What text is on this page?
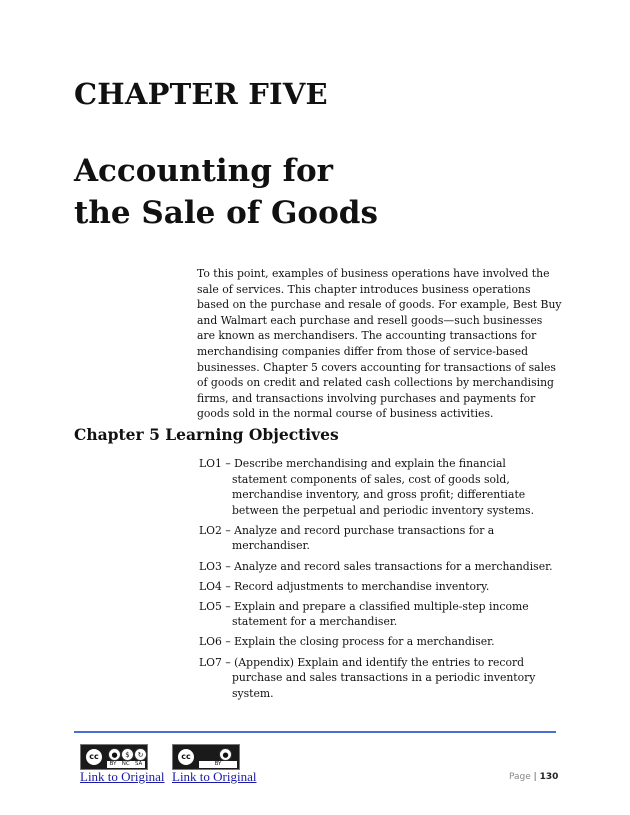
CHAPTER FIVE
Accounting for
the Sale of Goods

To this point, examples of business operations have involved the sale of services. This chapter introduces business operations based on the purchase and resale of goods. For example, Best Buy and Walmart each purchase and resell goods—such businesses are known as merchandisers. The accounting transactions for merchandising companies differ from those of service-based businesses. Chapter 5 covers accounting for transactions of sales of goods on credit and related cash collections by merchandising firms, and transactions involving purchases and payments for goods sold in the normal course of business activities.

Chapter 5 Learning Objectives
LO1 – Describe merchandising and explain the financial statement components of sales, cost of goods sold, merchandise inventory, and gross profit; differentiate between the perpetual and periodic inventory systems.
LO2 – Analyze and record purchase transactions for a merchandiser.
LO3 – Analyze and record sales transactions for a merchandiser.
LO4 – Record adjustments to merchandise inventory.
LO5 – Explain and prepare a classified multiple-step income statement for a merchandiser.
LO6 – Explain the closing process for a merchandiser.
LO7 – (Appendix) Explain and identify the entries to record purchase and sales transactions in a periodic inventory system.
cc	●	$	↻
BY NC SA
cc	●
BY
Link to Original Link to Original	Page | 130
